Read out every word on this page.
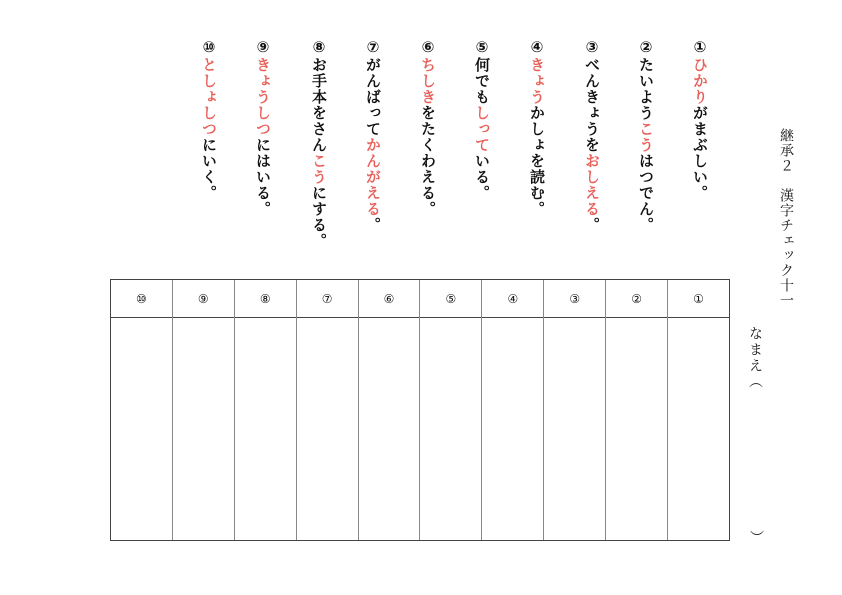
継承２　漢字チェック十一
なまえ（
）
①ひかりがまぶしい。
②たいようこうはつでん。
③べんきょうをおしえる。
④きょうかしょを読む。
⑤何でもしっている。
⑥ちしきをたくわえる。
⑦がんばってかんがえる。
⑧お手本をさんこうにする。
⑨きょうしつにはいる。
⑩としょしつにいく。
①
②
③
④
⑤
⑥
⑦
⑧
⑨
⑩
